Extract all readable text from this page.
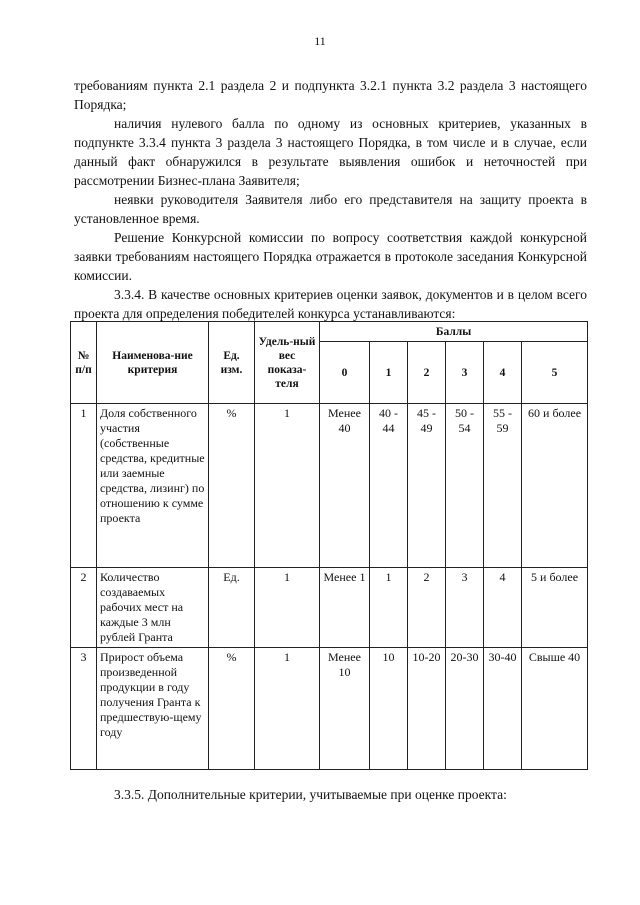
11

требованиям пункта 2.1 раздела 2 и подпункта 3.2.1 пункта 3.2 раздела 3 настоящего Порядка;

наличия нулевого балла по одному из основных критериев, указанных в подпункте 3.3.4 пункта 3 раздела 3 настоящего Порядка, в том числе и в случае, если данный факт обнаружился в результате выявления ошибок и неточностей при рассмотрении Бизнес-плана Заявителя;

неявки руководителя Заявителя либо его представителя на защиту проекта в установленное время.

Решение Конкурсной комиссии по вопросу соответствия каждой конкурсной заявки требованиям настоящего Порядка отражается в протоколе заседания Конкурсной комиссии.

3.3.4. В качестве основных критериев оценки заявок, документов и в целом всего проекта для определения победителей конкурса устанавливаются:

№ п/п	Наименова-ние критерия	Ед. изм.	Удель-ный вес показа-теля	Баллы					
				0	1	2	3	4	5
1	Доля собственного участия (собственные средства, кредитные или заемные средства, лизинг) по отношению к сумме проекта	%	1	Менее 40	40 - 44	45 - 49	50 - 54	55 - 59	60 и более
2	Количество создаваемых рабочих мест на каждые 3 млн рублей Гранта	Ед.	1	Менее 1	1	2	3	4	5 и более
3	Прирост объема произведенной продукции в году получения Гранта к предшествую-щему году	%	1	Менее 10	10	10-20	20-30	30-40	Свыше 40
3.3.5. Дополнительные критерии, учитываемые при оценке проекта:
